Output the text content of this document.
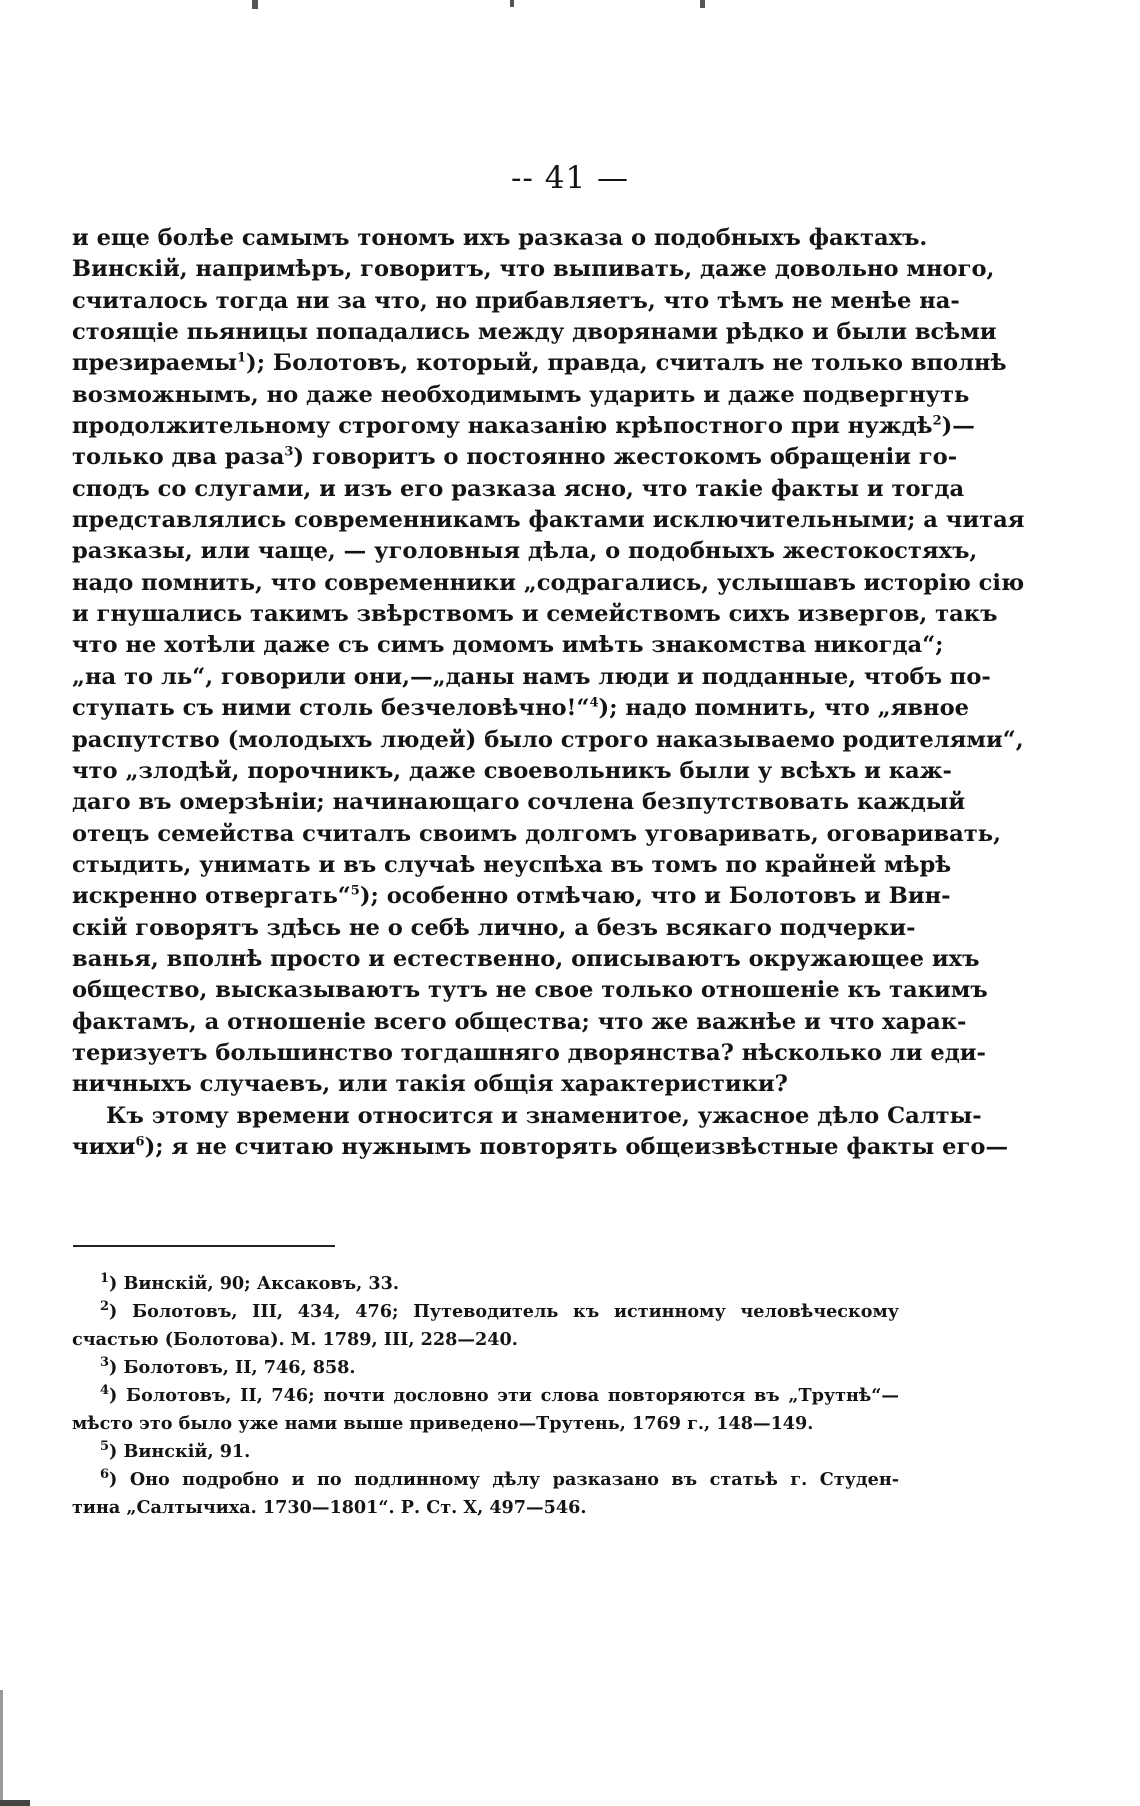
-- 41 —
и еще болѣе самымъ тономъ ихъ разказа о подобныхъ фактахъ.
Винскій, напримѣръ, говоритъ, что выпивать, даже довольно много,
считалось тогда ни за что, но прибавляетъ, что тѣмъ не менѣе на-
стоящіе пьяницы попадались между дворянами рѣдко и были всѣми
презираемы$^1$); Болотовъ, который, правда, считалъ не только вполнѣ
возможнымъ, но даже необходимымъ ударить и даже подвергнуть
продолжительному строгому наказанію крѣпостного при нуждѣ$^2$)—
только два раза$^3$) говоритъ о постоянно жестокомъ обращеніи го-
сподъ со слугами, и изъ его разказа ясно, что такіе факты и тогда
представлялись современникамъ фактами исключительными; а читая
разказы, или чаще, — уголовныя дѣла, о подобныхъ жестокостяхъ,
надо помнить, что современники „содрагались, услышавъ исторію сію
и гнушались такимъ звѣрствомъ и семействомъ сихъ извергов, такъ
что не хотѣли даже съ симъ домомъ имѣть знакомства никогда“;
„на то ль“, говорили они,—„даны намъ люди и подданные, чтобъ по-
ступать съ ними столь безчеловѣчно!“$^4$); надо помнить, что „явное
распутство (молодыхъ людей) было строго наказываемо родителями“,
что „злодѣй, порочникъ, даже своевольникъ были у всѣхъ и каж-
даго въ омерзѣніи; начинающаго сочлена безпутствовать каждый
отецъ семейства считалъ своимъ долгомъ уговаривать, оговаривать,
стыдить, унимать и въ случаѣ неуспѣха въ томъ по крайней мѣрѣ
искренно отвергать“$^5$); особенно отмѣчаю, что и Болотовъ и Вин-
скій говорятъ здѣсь не о себѣ лично, а безъ всякаго подчерки-
ванья, вполнѣ просто и естественно, описываютъ окружающее ихъ
общество, высказываютъ тутъ не свое только отношеніе къ такимъ
фактамъ, а отношеніе всего общества; что же важнѣе и что харак-
теризуетъ большинство тогдашняго дворянства? нѣсколько ли еди-
ничныхъ случаевъ, или такія общія характеристики?
Къ этому времени относится и знаменитое, ужасное дѣло Салты-
чихи$^6$); я не считаю нужнымъ повторять общеизвѣстные факты его—
$^1$) Винскій, 90; Аксаковъ, 33.
$^2$) Болотовъ, III, 434, 476; Путеводитель къ истинному человѣческому
счастью (Болотова). М. 1789, III, 228—240.
$^3$) Болотовъ, II, 746, 858.
$^4$) Болотовъ, II, 746; почти дословно эти слова повторяются въ „Трутнѣ“—
мѣсто это было уже нами выше приведено—Трутень, 1769 г., 148—149.
$^5$) Винскій, 91.
$^6$) Оно подробно и по подлинному дѣлу разказано въ статьѣ г. Студен-
тина „Салтычиха. 1730—1801“. Р. Ст. X, 497—546.
